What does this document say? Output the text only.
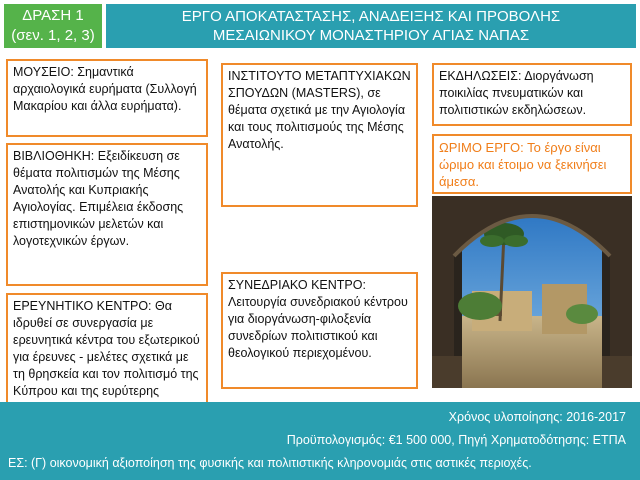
ΔΡΑΣΗ 1
(σεν. 1, 2, 3)
ΕΡΓΟ ΑΠΟΚΑΤΑΣΤΑΣΗΣ, ΑΝΑΔΕΙΞΗΣ ΚΑΙ ΠΡΟΒΟΛΗΣ
ΜΕΣΑΙΩΝΙΚΟΥ ΜΟΝΑΣΤΗΡΙΟΥ ΑΓΙΑΣ ΝΑΠΑΣ

ΜΟΥΣΕΙΟ: Σημαντικά αρχαιολογικά ευρήματα (Συλλογή Μακαρίου και άλλα ευρήματα).

ΒΙΒΛΙΟΘΗΚΗ: Εξειδίκευση σε θέματα πολιτισμών της Μέσης Ανατολής και Κυπριακής Αγιολογίας. Επιμέλεια έκδοσης επιστημονικών μελετών και λογοτεχνικών έργων.

ΕΡΕΥΝΗΤΙΚΟ ΚΕΝΤΡΟ: Θα ιδρυθεί σε συνεργασία με ερευνητικά κέντρα του εξωτερικού για έρευνες - μελέτες σχετικά με τη θρησκεία και τον πολιτισμό της Κύπρου και της ευρύτερης

ΙΝΣΤΙΤΟΥΤΟ ΜΕΤΑΠΤΥΧΙΑΚΩΝ ΣΠΟΥΔΩΝ (MASTERS), σε θέματα σχετικά με την Αγιολογία και τους πολιτισμούς της Μέσης Ανατολής.

ΣΥΝΕΔΡΙΑΚΟ ΚΕΝΤΡΟ: Λειτουργία συνεδριακού κέντρου για διοργάνωση-φιλοξενία συνεδρίων πολιτιστικού και θεολογικού περιεχομένου.

ΕΚΔΗΛΩΣΕΙΣ: Διοργάνωση ποικιλίας πνευματικών και πολιτιστικών εκδηλώσεων.

ΩΡΙΜΟ ΕΡΓΟ: Το έργο είναι ώριμο και έτοιμο να ξεκινήσει άμεσα.

Χρόνος υλοποίησης: 2016-2017
Προϋπολογισμός: €1 500 000, Πηγή Χρηματοδότησης: ΕΤΠΑ
ΕΣ: (Γ) οικονομική αξιοποίηση της φυσικής και πολιτιστικής κληρονομιάς στις αστικές περιοχές.
